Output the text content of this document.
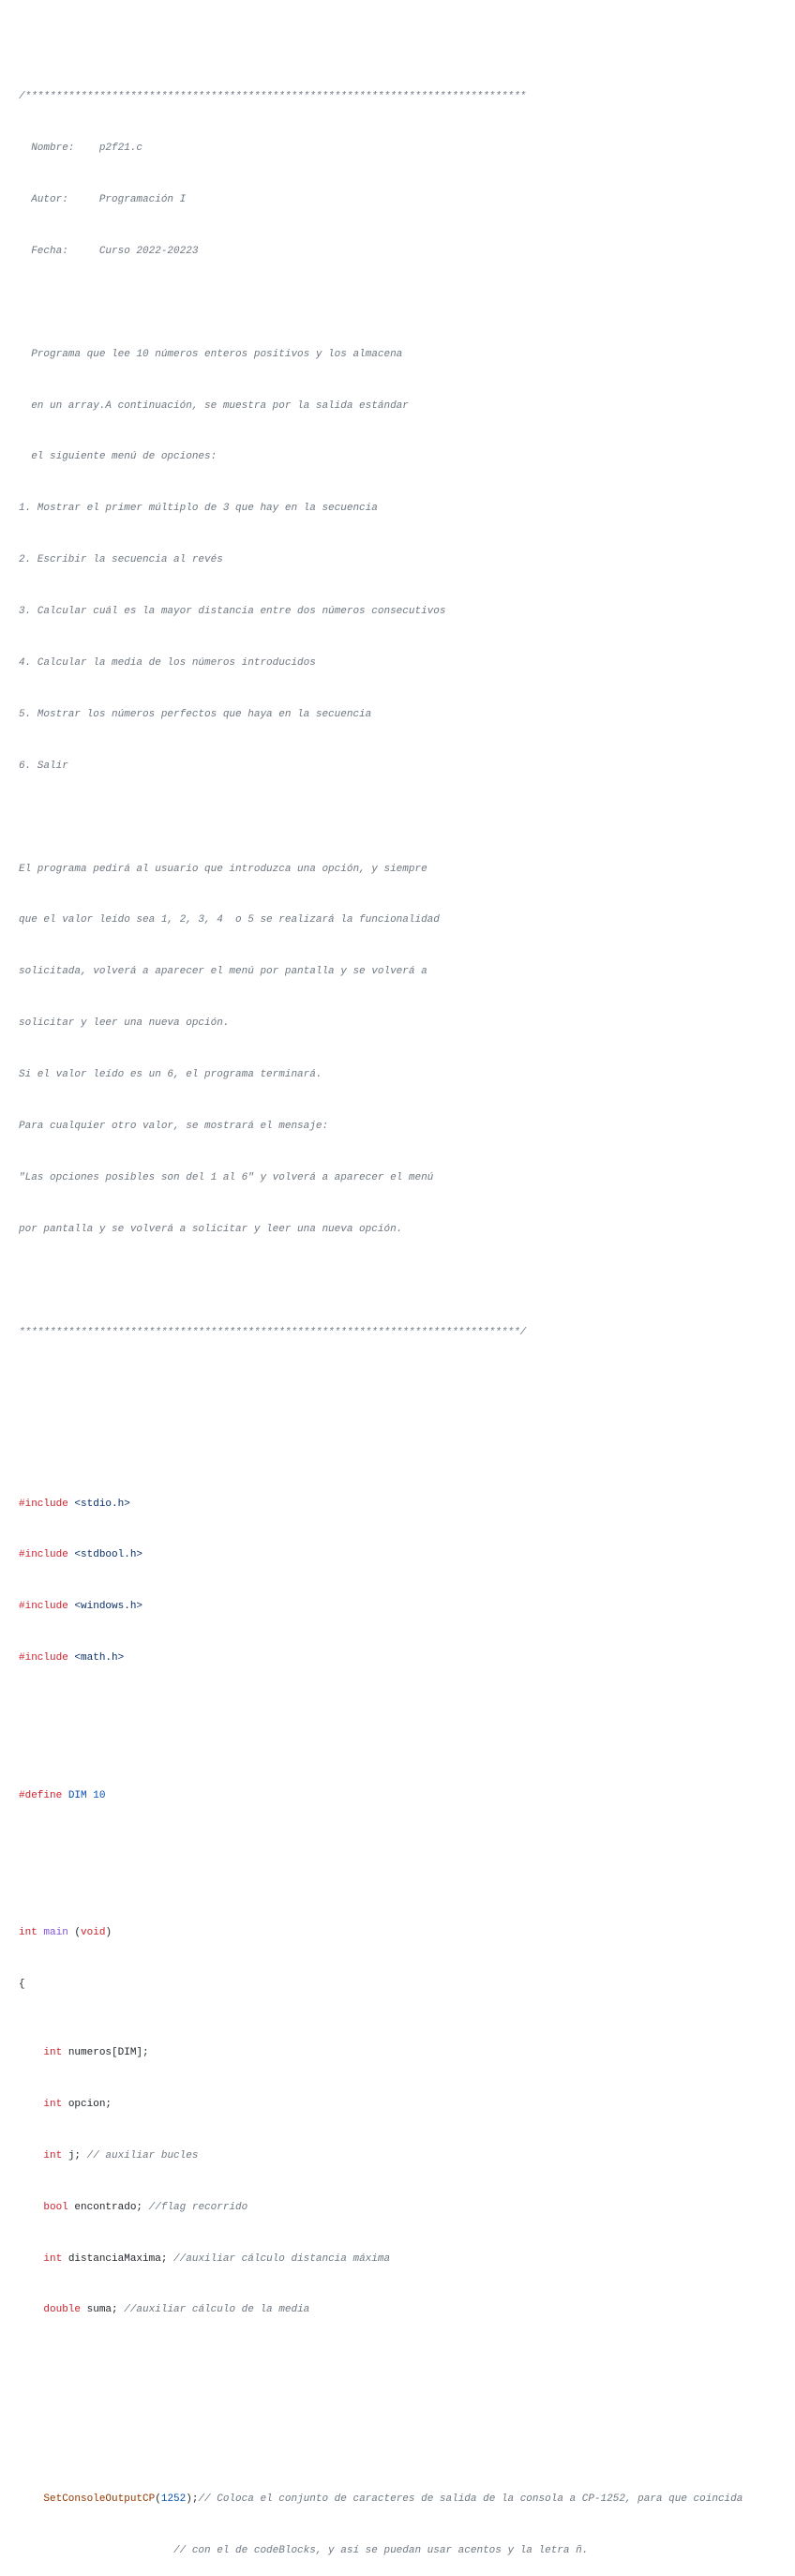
/*********************************************************************************

Nombre:    p2f21.c

Autor:     Programación I

Fecha:     Curso 2022-20223

Programa que lee 10 números enteros positivos y los almacena

en un array.A continuación, se muestra por la salida estándar

el siguiente menú de opciones:

1. Mostrar el primer múltiplo de 3 que hay en la secuencia

2. Escribir la secuencia al revés

3. Calcular cuál es la mayor distancia entre dos números consecutivos

4. Calcular la media de los números introducidos

5. Mostrar los números perfectos que haya en la secuencia

6. Salir

El programa pedirá al usuario que introduzca una opción, y siempre

que el valor leído sea 1, 2, 3, 4  o 5 se realizará la funcionalidad

solicitada, volverá a aparecer el menú por pantalla y se volverá a

solicitar y leer una nueva opción.

Si el valor leído es un 6, el programa terminará.

Para cualquier otro valor, se mostrará el mensaje:

"Las opciones posibles son del 1 al 6" y volverá a aparecer el menú

por pantalla y se volverá a solicitar y leer una nueva opción.

*********************************************************************************/

#include <stdio.h>

#include <stdbool.h>

#include <windows.h>

#include <math.h>

#define DIM 10

int main (void)

{

int numeros[DIM];

int opcion;

int j; // auxiliar bucles

bool encontrado; //flag recorrido

int distanciaMaxima; //auxiliar cálculo distancia máxima

double suma; //auxiliar cálculo de la media

SetConsoleOutputCP(1252);// Coloca el conjunto de caracteres de salida de la consola a CP-1252, para que coincida

// con el de codeBlocks, y así se puedan usar acentos y la letra ñ.
